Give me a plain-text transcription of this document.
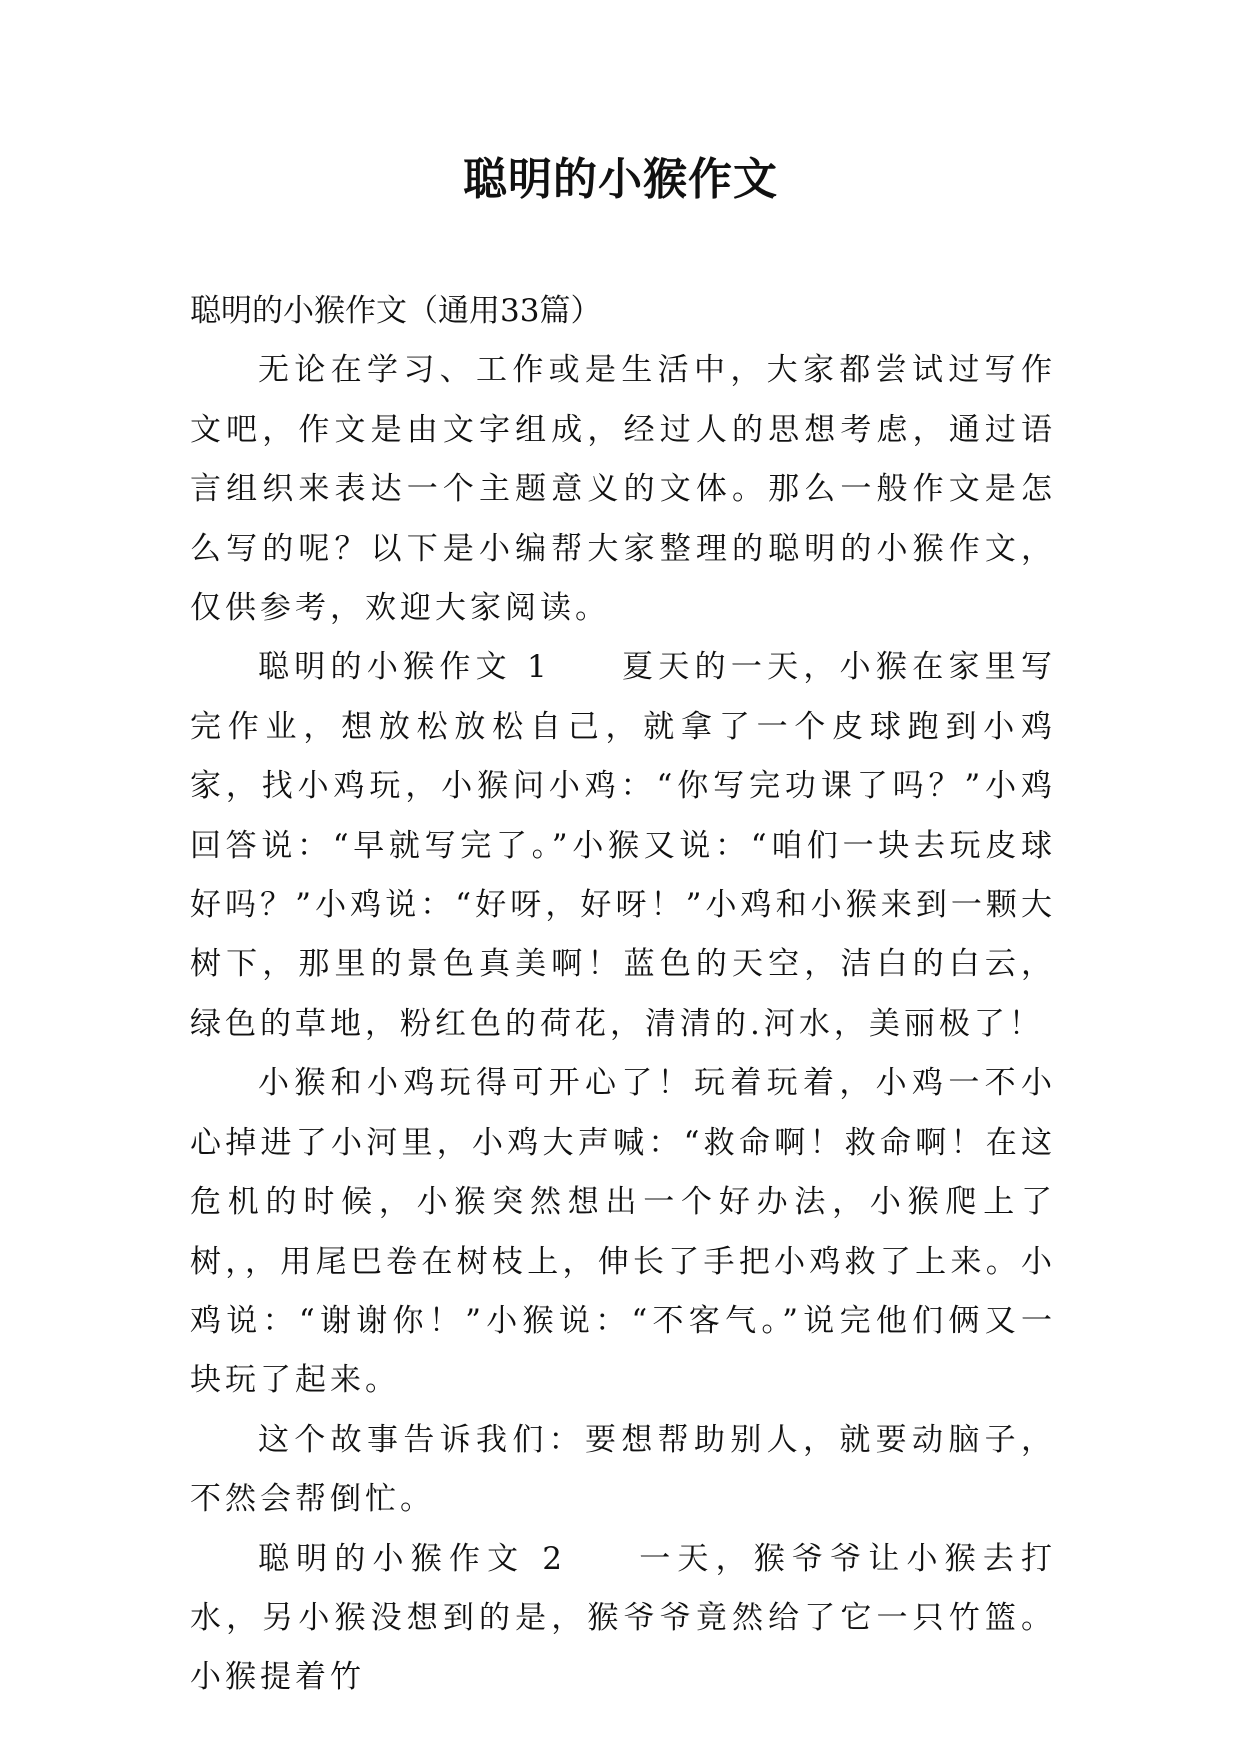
聪明的小猴作文

聪明的小猴作文（通用33篇）

无论在学习、工作或是生活中，大家都尝试过写作文吧，作文是由文字组成，经过人的思想考虑，通过语言组织来表达一个主题意义的文体。那么一般作文是怎么写的呢？以下是小编帮大家整理的聪明的小猴作文，仅供参考，欢迎大家阅读。

聪明的小猴作文 1 夏天的一天，小猴在家里写完作业，想放松放松自己，就拿了一个皮球跑到小鸡家，找小鸡玩，小猴问小鸡：“你写完功课了吗？”小鸡回答说：“早就写完了。”小猴又说：“咱们一块去玩皮球好吗？”小鸡说：“好呀，好呀！”小鸡和小猴来到一颗大树下，那里的景色真美啊！蓝色的天空，洁白的白云，绿色的草地，粉红色的荷花，清清的.河水，美丽极了！

小猴和小鸡玩得可开心了！玩着玩着，小鸡一不小心掉进了小河里，小鸡大声喊：“救命啊！救命啊！在这危机的时候，小猴突然想出一个好办法，小猴爬上了树，，用尾巴卷在树枝上，伸长了手把小鸡救了上来。小鸡说：“谢谢你！”小猴说：“不客气。”说完他们俩又一块玩了起来。

这个故事告诉我们：要想帮助别人，就要动脑子，不然会帮倒忙。

聪明的小猴作文 2 一天，猴爷爷让小猴去打水，另小猴没想到的是，猴爷爷竟然给了它一只竹篮。小猴提着竹
